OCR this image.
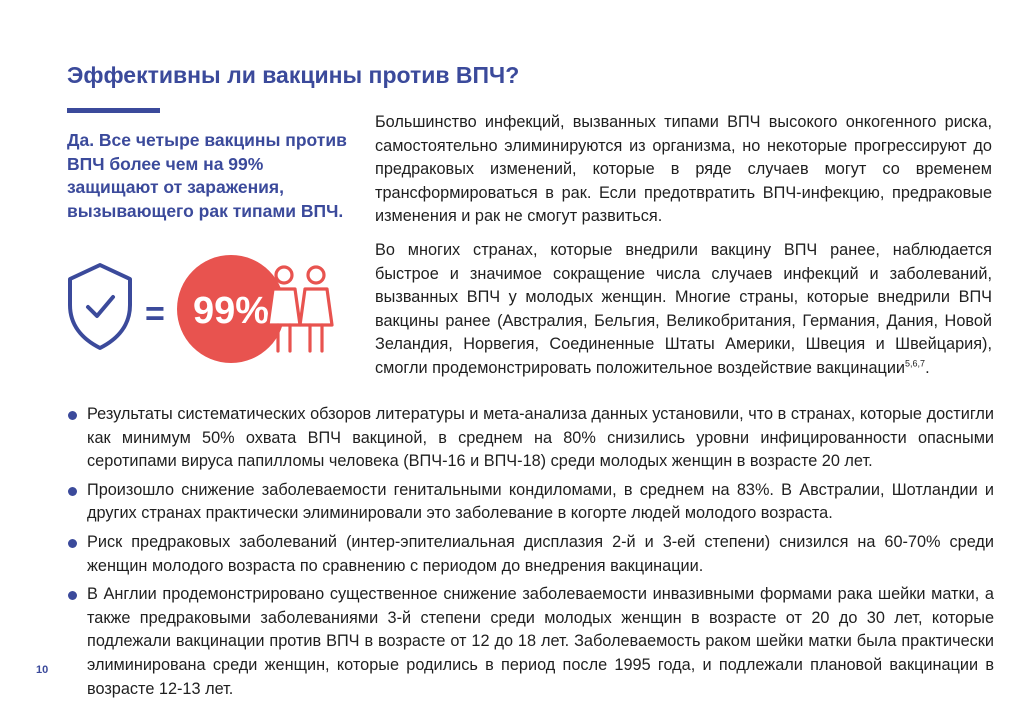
Эффективны ли вакцины против ВПЧ?

Да. Все четыре вакцины против ВПЧ более чем на 99% защищают от заражения, вызывающего рак типами ВПЧ.

= 99%

Большинство инфекций, вызванных типами ВПЧ высокого онкогенного риска, самостоятельно элиминируются из организма, но некоторые прогрессируют до предраковых изменений, которые в ряде случаев могут со временем трансформироваться в рак. Если предотвратить ВПЧ-инфекцию, предраковые изменения и рак не смогут развиться.

Во многих странах, которые внедрили вакцину ВПЧ ранее, наблюдается быстрое и значимое сокращение числа случаев инфекций и заболеваний, вызванных ВПЧ у молодых женщин. Многие страны, которые внедрили ВПЧ вакцины ранее (Австралия, Бельгия, Великобритания, Германия, Дания, Новой Зеландия, Норвегия, Соединенные Штаты Америки, Швеция и Швейцария), смогли продемонстрировать положительное воздействие вакцинации$^{5,6,7}$.

Результаты систематических обзоров литературы и мета-анализа данных установили, что в странах, которые достигли как минимум 50% охвата ВПЧ вакциной, в среднем на 80% снизились уровни инфицированности опасными серотипами вируса папилломы человека (ВПЧ-16 и ВПЧ-18) среди молодых женщин в возрасте 20 лет.
Произошло снижение заболеваемости генитальными кондиломами, в среднем на 83%. В Австралии, Шотландии и других странах практически элиминировали это заболевание в когорте людей молодого возраста.
Риск предраковых заболеваний (интер-эпителиальная дисплазия 2-й и 3-ей степени) снизился на 60-70% среди женщин молодого возраста по сравнению с периодом до внедрения вакцинации.
В Англии продемонстрировано существенное снижение заболеваемости инвазивными формами рака шейки матки, а также предраковыми заболеваниями 3-й степени среди молодых женщин в возрасте от 20 до 30 лет, которые подлежали вакцинации против ВПЧ в возрасте от 12 до 18 лет. Заболеваемость раком шейки матки была практически элиминирована среди женщин, которые родились в период после 1995 года, и подлежали плановой вакцинации в возрасте 12-13 лет.
10
